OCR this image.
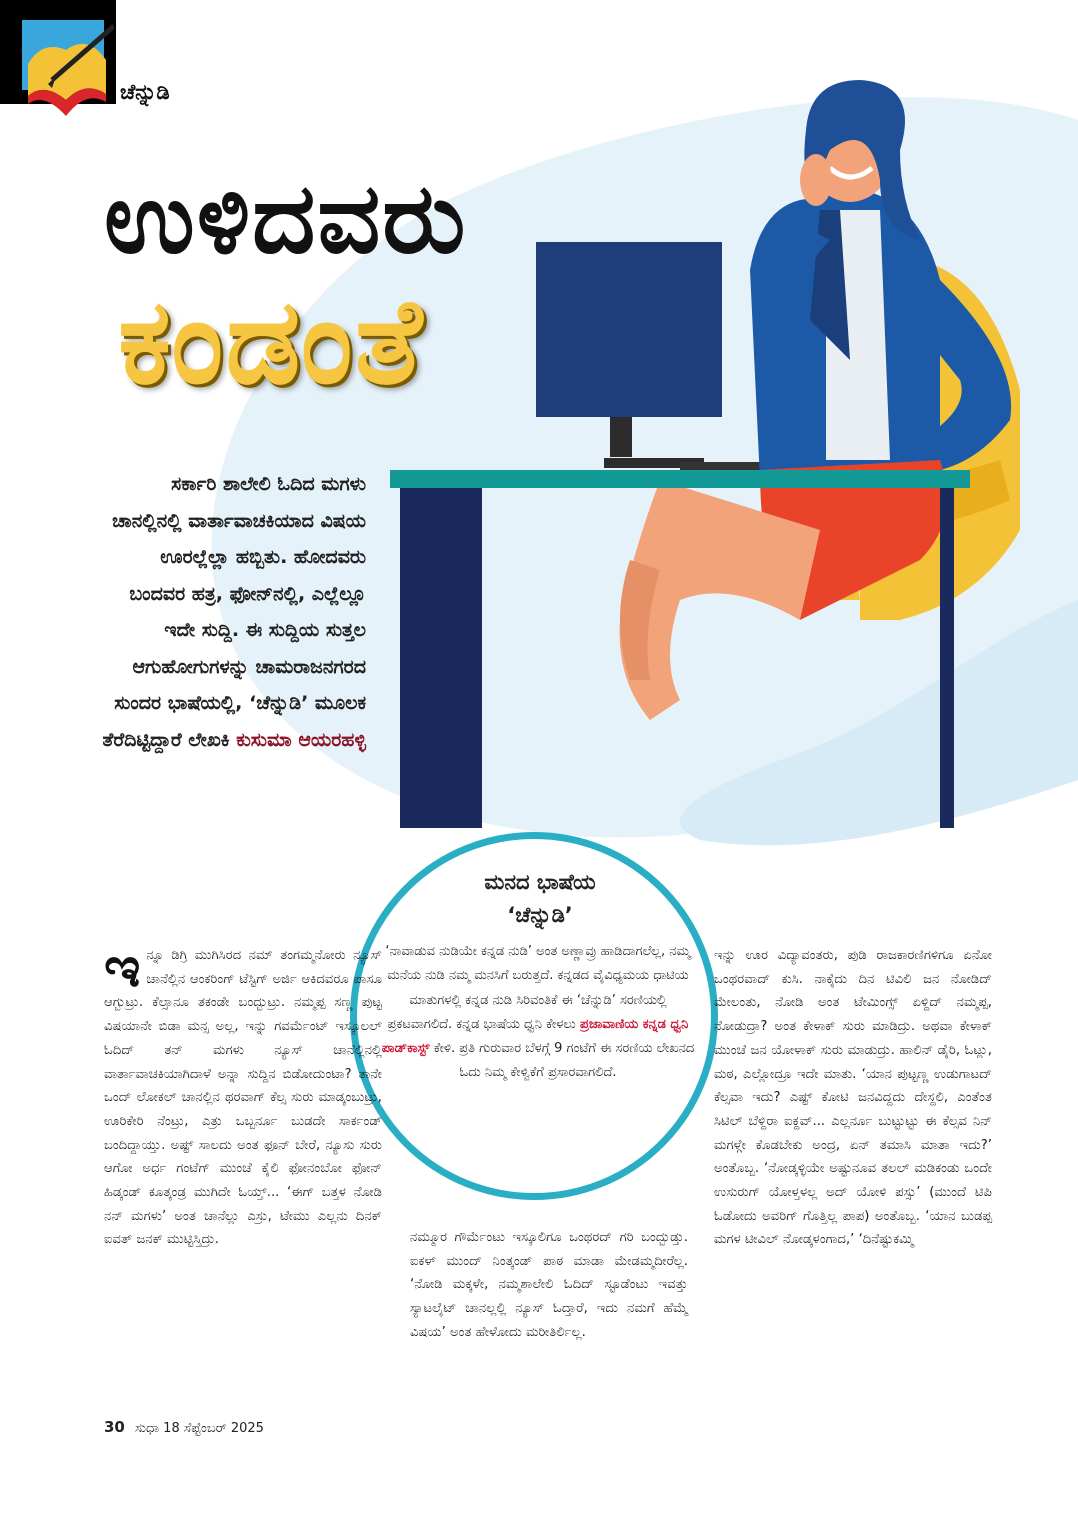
ಚೆನ್ನುಡಿ
ಉಳಿದವರು
ಕಂಡಂತೆ
ಸರ್ಕಾರಿ ಶಾಲೇಲಿ ಓದಿದ ಮಗಳು ಚಾನಲ್ಲಿನಲ್ಲಿ ವಾರ್ತಾವಾಚಕಿಯಾದ ವಿಷಯ ಊರಲ್ಲೆಲ್ಲಾ ಹಬ್ಬಿತು. ಹೋದವರು ಬಂದವರ ಹತ್ರ, ಫೋನ್‌ನಲ್ಲಿ, ಎಲ್ಲೆಲ್ಲೂ ಇದೇ ಸುದ್ದಿ. ಈ ಸುದ್ದಿಯ ಸುತ್ತಲ ಆಗುಹೋಗುಗಳನ್ನು ಚಾಮರಾಜನಗರದ ಸುಂದರ ಭಾಷೆಯಲ್ಲಿ, ‘ಚೆನ್ನುಡಿ’ ಮೂಲಕ ತೆರೆದಿಟ್ಟಿದ್ದಾರೆ ಲೇಖಕಿ ಕುಸುಮಾ ಆಯರಹಳ್ಳಿ
ಮನದ ಭಾಷೆಯ
‘ಚೆನ್ನುಡಿ’
‘ನಾವಾಡುವ ನುಡಿಯೇ ಕನ್ನಡ ನುಡಿ’ ಅಂತ ಅಣ್ಣಾವ್ರು ಹಾಡಿದಾಗಲೆಲ್ಲ, ನಮ್ಮ ಮನೆಯ ನುಡಿ ನಮ್ಮ ಮನಸಿಗೆ ಬರುತ್ತದೆ. ಕನ್ನಡದ ವೈವಿಧ್ಯಮಯ ಧಾಟಿಯ ಮಾತುಗಳಲ್ಲಿ ಕನ್ನಡ ನುಡಿ ಸಿರಿವಂತಿಕೆ ಈ ‘ಚೆನ್ನುಡಿ’ ಸರಣಿಯಲ್ಲಿ ಪ್ರಕಟವಾಗಲಿದೆ. ಕನ್ನಡ ಭಾಷೆಯ ಧ್ವನಿ ಕೇಳಲು ಪ್ರಜಾವಾಣಿಯ ಕನ್ನಡ ಧ್ವನಿ ಪಾಡ್‌ಕಾಸ್ಟ್ ಕೇಳಿ. ಪ್ರತಿ ಗುರುವಾರ ಬೆಳಗ್ಗೆ 9 ಗಂಟೆಗೆ ಈ ಸರಣಿಯ ಲೇಖನದ ಓದು ನಿಮ್ಮ ಕೇಳ್ವಿಕೆಗೆ ಪ್ರಸಾರವಾಗಲಿದೆ.

ಇನ್ನೂ ಡಿಗ್ರಿ ಮುಗಿಸಿರದ ನಮ್ ತಂಗಮ್ಮನೋರು ನ್ಯೂಸ್ ಚಾನೆಲ್ಲಿನ ಆಂಕರಿಂಗ್ ಟೆಸ್ಟಿಗ್ ಅರ್ಜಿ ಆಕಿದವರೂ ಪಾಸೂ ಆಗ್ಬುಟ್ರು. ಕೆಲ್ಸಾನೂ ತಕಂಡೇ ಬಂದ್ಬುಟ್ರು. ನಮ್ಮಪ್ಪ ಸಣ್ಣ ಪುಟ್ಟ ವಿಷಯಾನೇ ಬಿಡಾ ಮನ್ಸ ಅಲ್ಲ, ಇನ್ನು ಗವರ್ಮೆಂಟ್ ಇಸ್ಕೂಲಲ್ ಓದಿದ್ ತನ್ ಮಗಳು ನ್ಯೂಸ್ ಚಾನೆಲ್ಲಿನಲ್ಲಿ ವಾರ್ತಾವಾಚಕಿಯಾಗಿದಾಳೆ ಅನ್ನಾ ಸುದ್ದಿನ ಬಿಡೋದುಂಟಾ? ತಾನೇ ಒಂದ್ ಲೋಕಲ್ ಚಾನಲ್ಲಿನ ಥರವಾಗ್ ಕೆಲ್ಸ ಸುರು ಮಾಡ್ಕಂಬುಟ್ರು, ಊರಿಕೇರಿ ನೆಂಟ್ರು, ಎತ್ರು ಒಬ್ಬರ್ನೂ ಬುಡದೇ ಸಾರ್ಕಂಡ್ ಬಂದಿದ್ದಾಯ್ತು. ಅಷ್ಟ್ ಸಾಲದು ಅಂತ ಫೂನ್ ಬೇರೆ, ನ್ಯೂಸು ಸುರು ಆಗೋ ಅರ್ಧ ಗಂಟೆಗ್ ಮುಂಚೆ ಕೈಲಿ ಫೋನಂಬೋ ಫೋನ್ ಹಿಡ್ಕಂಡ್ ಕೂತ್ಕಂಡ್ರ ಮುಗಿದೇ ಓಯ್ತ್... ‘ಈಗ್ ಬತ್ತಳ ನೋಡಿ ನನ್ ಮಗಳು’ ಅಂತ ಚಾನೆಲ್ಲು ಎಸ್ರು, ಟೇಮು ಎಲ್ಲನು ದಿನಕ್ ಐವತ್ ಜನಕ್ ಮುಟ್ಟಿಸ್ತಿದ್ರು.	ನಮ್ಮೂರ ಗೌರ್ಮೆಂಟು ಇಸ್ಕೂಲಿಗೂ ಒಂಥರದ್ ಗರಿ ಬಂದ್ಬುಡ್ತು. ಐಕಳ್ ಮುಂದ್ ನಿಂತ್ಕಂಡ್ ಪಾಠ ಮಾಡಾ ಮೇಡಮ್ಮದೀರೆಲ್ಲ. ‘ನೋಡಿ ಮಕ್ಕಳೇ, ನಮ್ಮಶಾಲೇಲಿ ಓದಿದ್ ಸ್ಟೂಡೆಂಟು ಇವತ್ತು ಸ್ಯಾಟಲೈಟ್ ಚಾನಲ್ಲಲ್ಲಿ ನ್ಯೂಸ್ ಓದ್ತಾರೆ, ಇದು ನಮಗೆ ಹೆಮ್ಮೆ ವಿಷಯ’ ಅಂತ ಹೇಳೋದು ಮರೀತಿರ್ಲಿಲ್ಲ.

ಇನ್ನು ಊರ ವಿದ್ಯಾವಂತರು, ಪುಡಿ ರಾಜಕಾರಣಿಗಳಿಗೂ ಏನೋ ಒಂಥರವಾದ್ ಕುಸಿ. ನಾಕೈದು ದಿನ ಟಿವಿಲಿ ಜನ ನೋಡಿದ್ ಮೇಲಂತು, ನೋಡಿ ಅಂತ ಟೇಮಿಂಗ್ಸ್ ಏಳ್ದಿದ್ ನಮ್ಮಪ್ಪ, ನೋಡುದ್ರಾ? ಅಂತ ಕೇಳಾಕ್ ಸುರು ಮಾಡಿದ್ರು. ಅಥವಾ ಕೇಳಾಕ್ ಮುಂಚೆ ಜನ ಯೋಳಾಕ್ ಸುರು ಮಾಡುದ್ರು. ಹಾಲಿನ್ ಡೈರಿ, ಓಟ್ಲು, ಮಠ, ಎಲ್ಲೋದ್ರೂ ಇದೇ ಮಾತು. ‘ಯಾನ ಪುಟ್ಟಣ್ಣ ಉಡುಗಾಟದ್ ಕೆಲ್ಸವಾ ಇದು? ಎಷ್ಟ್ ಕೋಟಿ ಜನವಿದ್ದದು ದೇಸ್ದಲಿ, ಎಂತೆಂತ ಸಿಟಿಲ್ ಬೆಳ್ದಿರಾ ಐಕ್ದವ್... ಎಲ್ಲರ್ನೂ ಬುಟ್ಟುಟ್ಟು ಈ ಕೆಲ್ಸವ ನಿನ್ ಮಗಳ್ಗೇ ಕೊಡಬೇಕು ಅಂದ್ರ, ಏನ್ ತಮಾಸಿ ಮಾತಾ ಇದು?’ ಅಂತೊಬ್ಬ. ‘ನೋಡ್ಕಳ್ಳಿಯೇ ಅಷ್ಟುನೂವ ತಲಲ್ ಮಡಿಕಂಡು ಒಂದೇ ಉಸುರುಗ್ ಯೋಳ್ತಳಲ್ಲ ಅದ್ ಯೋಳಿ ಪಸ್ಸು’ (ಮುಂದೆ ಟಿಪಿ ಓಡೋದು ಅವರಿಗ್ ಗೊತ್ತಿಲ್ಲ ಪಾಪ) ಅಂತೊಬ್ಬ. ‘ಯಾನ ಬುಡಪ್ಪ ಮಗಳ ಟೀವಿಲ್ ನೋಡ್ಕಳಂಗಾದ,’ ‘ದಿನೆಷ್ಟುಕಮ್ಮಿ

30 ಸುಧಾ 18 ಸೆಪ್ಟೆಂಬರ್ 2025
